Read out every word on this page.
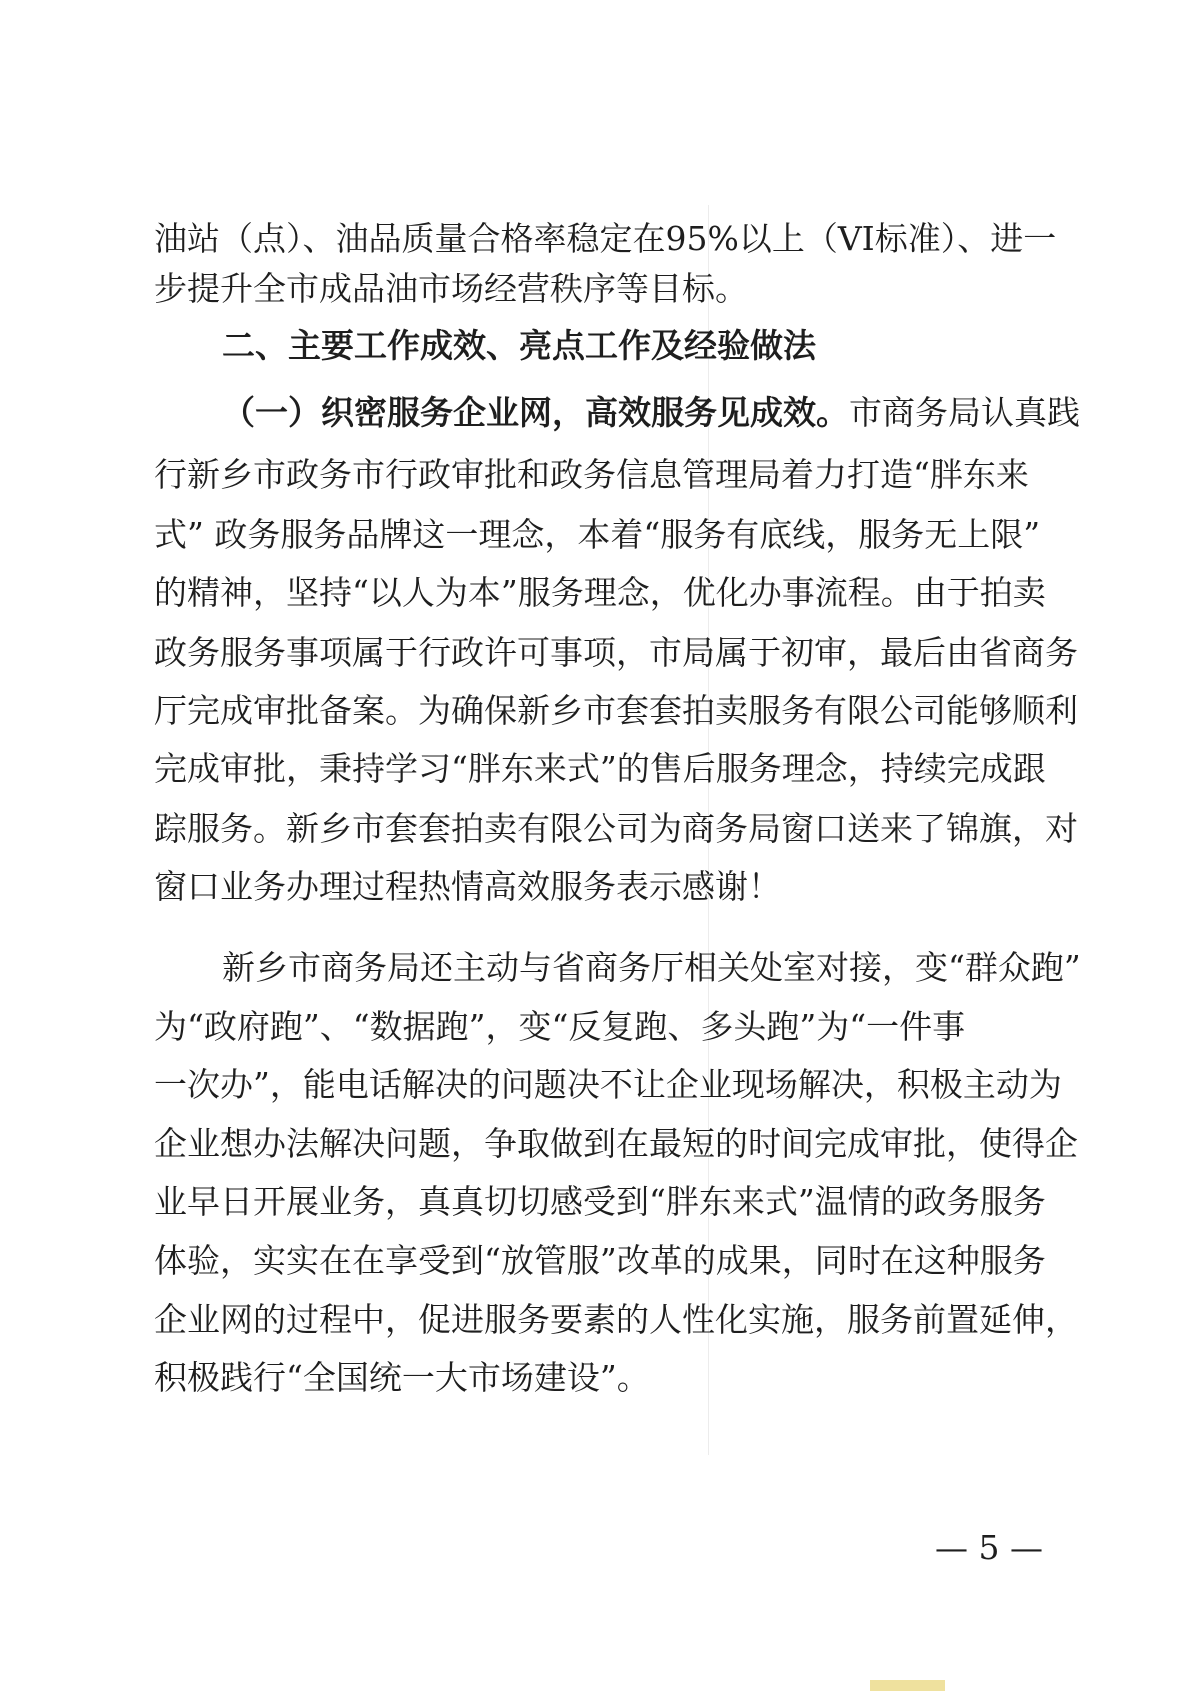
油站（点）、油品质量合格率稳定在95%以上（VI标准）、进一
步提升全市成品油市场经营秩序等目标。
二、主要工作成效、亮点工作及经验做法
（一）织密服务企业网，高效服务见成效。市商务局认真践
行新乡市政务市行政审批和政务信息管理局着力打造“胖东来
式” 政务服务品牌这一理念，本着“服务有底线，服务无上限”
的精神，坚持“以人为本”服务理念，优化办事流程。由于拍卖
政务服务事项属于行政许可事项，市局属于初审，最后由省商务
厅完成审批备案。为确保新乡市套套拍卖服务有限公司能够顺利
完成审批，秉持学习“胖东来式”的售后服务理念，持续完成跟
踪服务。新乡市套套拍卖有限公司为商务局窗口送来了锦旗，对
窗口业务办理过程热情高效服务表示感谢！
新乡市商务局还主动与省商务厅相关处室对接，变“群众跑”
为“政府跑”、“数据跑”，变“反复跑、多头跑”为“一件事
一次办”，能电话解决的问题决不让企业现场解决，积极主动为
企业想办法解决问题，争取做到在最短的时间完成审批，使得企
业早日开展业务，真真切切感受到“胖东来式”温情的政务服务
体验，实实在在享受到“放管服”改革的成果，同时在这种服务
企业网的过程中，促进服务要素的人性化实施，服务前置延伸，
积极践行“全国统一大市场建设”。
— 5 —
